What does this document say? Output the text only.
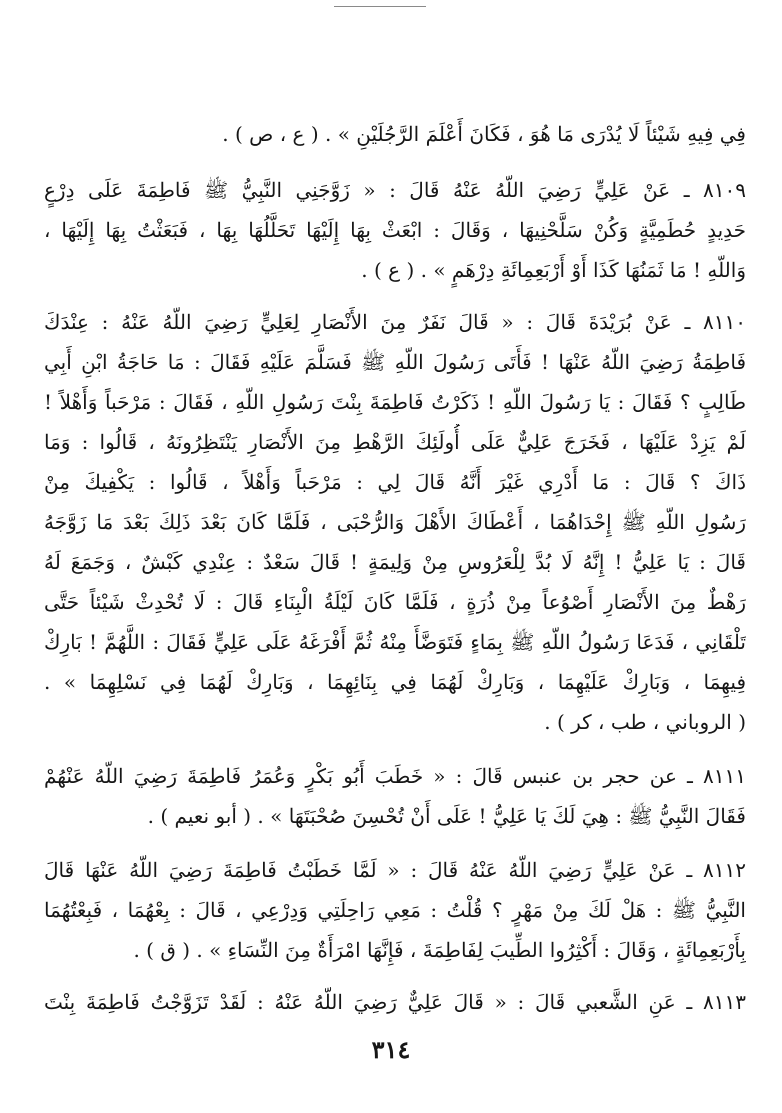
فِي فِيهِ شَيْئاً لَا يُدْرَى مَا هُوَ ، فَكَانَ أَعْلَمَ الرَّجُلَيْنِ » . ( ع ، ص ) .
٨١٠٩ ـ عَنْ عَلِيٍّ رَضِيَ اللّهُ عَنْهُ قَالَ : « زَوَّجَنِي النَّبِيُّ ﷺ فَاطِمَةَ عَلَى دِرْعٍ
حَدِيدٍ حُطَمِيَّةٍ وَكُنْ سَلَّحْنِيهَا ، وَقَالَ : ابْعَثْ بِهَا إِلَيْهَا تَحَلَّلُهَا بِهَا ، فَبَعَثْتُ بِهَا إِلَيْهَا ،
وَاللّهِ ! مَا ثَمَنُهَا كَذَا أَوْ أَرْبَعِمِائَةِ دِرْهَمٍ » . ( ع ) .
٨١١٠ ـ عَنْ بُرَيْدَةَ قَالَ : « قَالَ نَفَرٌ مِنَ الأَنْصَارِ لِعَلِيٍّ رَضِيَ اللّهُ عَنْهُ : عِنْدَكَ
فَاطِمَةُ رَضِيَ اللّهُ عَنْهَا ! فَأَتَى رَسُولَ اللّهِ ﷺ فَسَلَّمَ عَلَيْهِ فَقَالَ : مَا حَاجَةُ ابْنِ أَبِي
طَالِبٍ ؟ فَقَالَ : يَا رَسُولَ اللّهِ ! ذَكَرْتُ فَاطِمَةَ بِنْتَ رَسُولِ اللّهِ ، فَقَالَ : مَرْحَباً وَأَهْلاً !
لَمْ يَزِدْ عَلَيْهَا ، فَخَرَجَ عَلِيٌّ عَلَى أُولَئِكَ الرَّهْطِ مِنَ الأَنْصَارِ يَنْتَظِرُونَهُ ، قَالُوا : وَمَا
ذَاكَ ؟ قَالَ : مَا أَدْرِي غَيْرَ أَنَّهُ قَالَ لِي : مَرْحَباً وَأَهْلاً ، قَالُوا : يَكْفِيكَ مِنْ
رَسُولِ اللّهِ ﷺ إِحْدَاهُمَا ، أَعْطَاكَ الأَهْلَ وَالرُّحْبَى ، فَلَمَّا كَانَ بَعْدَ ذَلِكَ بَعْدَ مَا زَوَّجَهُ
قَالَ : يَا عَلِيُّ ! إِنَّهُ لَا بُدَّ لِلْعَرُوسِ مِنْ وَلِيمَةٍ ! قَالَ سَعْدٌ : عِنْدِي كَبْشٌ ، وَجَمَعَ لَهُ
رَهْطٌ مِنَ الأَنْصَارِ أَصْوُعاً مِنْ ذُرَةٍ ، فَلَمَّا كَانَ لَيْلَةُ الْبِنَاءِ قَالَ : لَا تُحْدِثْ شَيْئاً حَتَّى
تَلْقَانِي ، فَدَعَا رَسُولُ اللّهِ ﷺ بِمَاءٍ فَتَوَضَّأَ مِنْهُ ثُمَّ أَفْرَغَهُ عَلَى عَلِيٍّ فَقَالَ : اللَّهُمَّ ! بَارِكْ
فِيهِمَا ، وَبَارِكْ عَلَيْهِمَا ، وَبَارِكْ لَهُمَا فِي بِنَائِهِمَا ، وَبَارِكْ لَهُمَا فِي نَسْلِهِمَا » .
( الروباني ، طب ، كر ) .
٨١١١ ـ عن حجر بن عنبس قَالَ : « خَطَبَ أَبُو بَكْرٍ وَعُمَرُ فَاطِمَةَ رَضِيَ اللّهُ عَنْهُمْ
فَقَالَ النَّبِيُّ ﷺ : هِيَ لَكَ يَا عَلِيُّ ! عَلَى أَنْ تُحْسِنَ صُحْبَتَهَا » . ( أبو نعيم ) .
٨١١٢ ـ عَنْ عَلِيٍّ رَضِيَ اللّهُ عَنْهُ قَالَ : « لَمَّا خَطَبْتُ فَاطِمَةَ رَضِيَ اللّهُ عَنْهَا قَالَ
النَّبِيُّ ﷺ : هَلْ لَكَ مِنْ مَهْرٍ ؟ قُلْتُ : مَعِي رَاحِلَتِي وَدِرْعِي ، قَالَ : بِعْهُمَا ، فَبِعْتُهُمَا
بِأَرْبَعِمِائَةٍ ، وَقَالَ : أَكْثِرُوا الطِّيبَ لِفَاطِمَةَ ، فَإِنَّهَا امْرَأَةٌ مِنَ النِّسَاءِ » . ( ق ) .
٨١١٣ ـ عَنِ الشَّعبي قَالَ : « قَالَ عَلِيٌّ رَضِيَ اللّهُ عَنْهُ : لَقَدْ تَزَوَّجْتُ فَاطِمَةَ بِنْتَ
٣١٤
